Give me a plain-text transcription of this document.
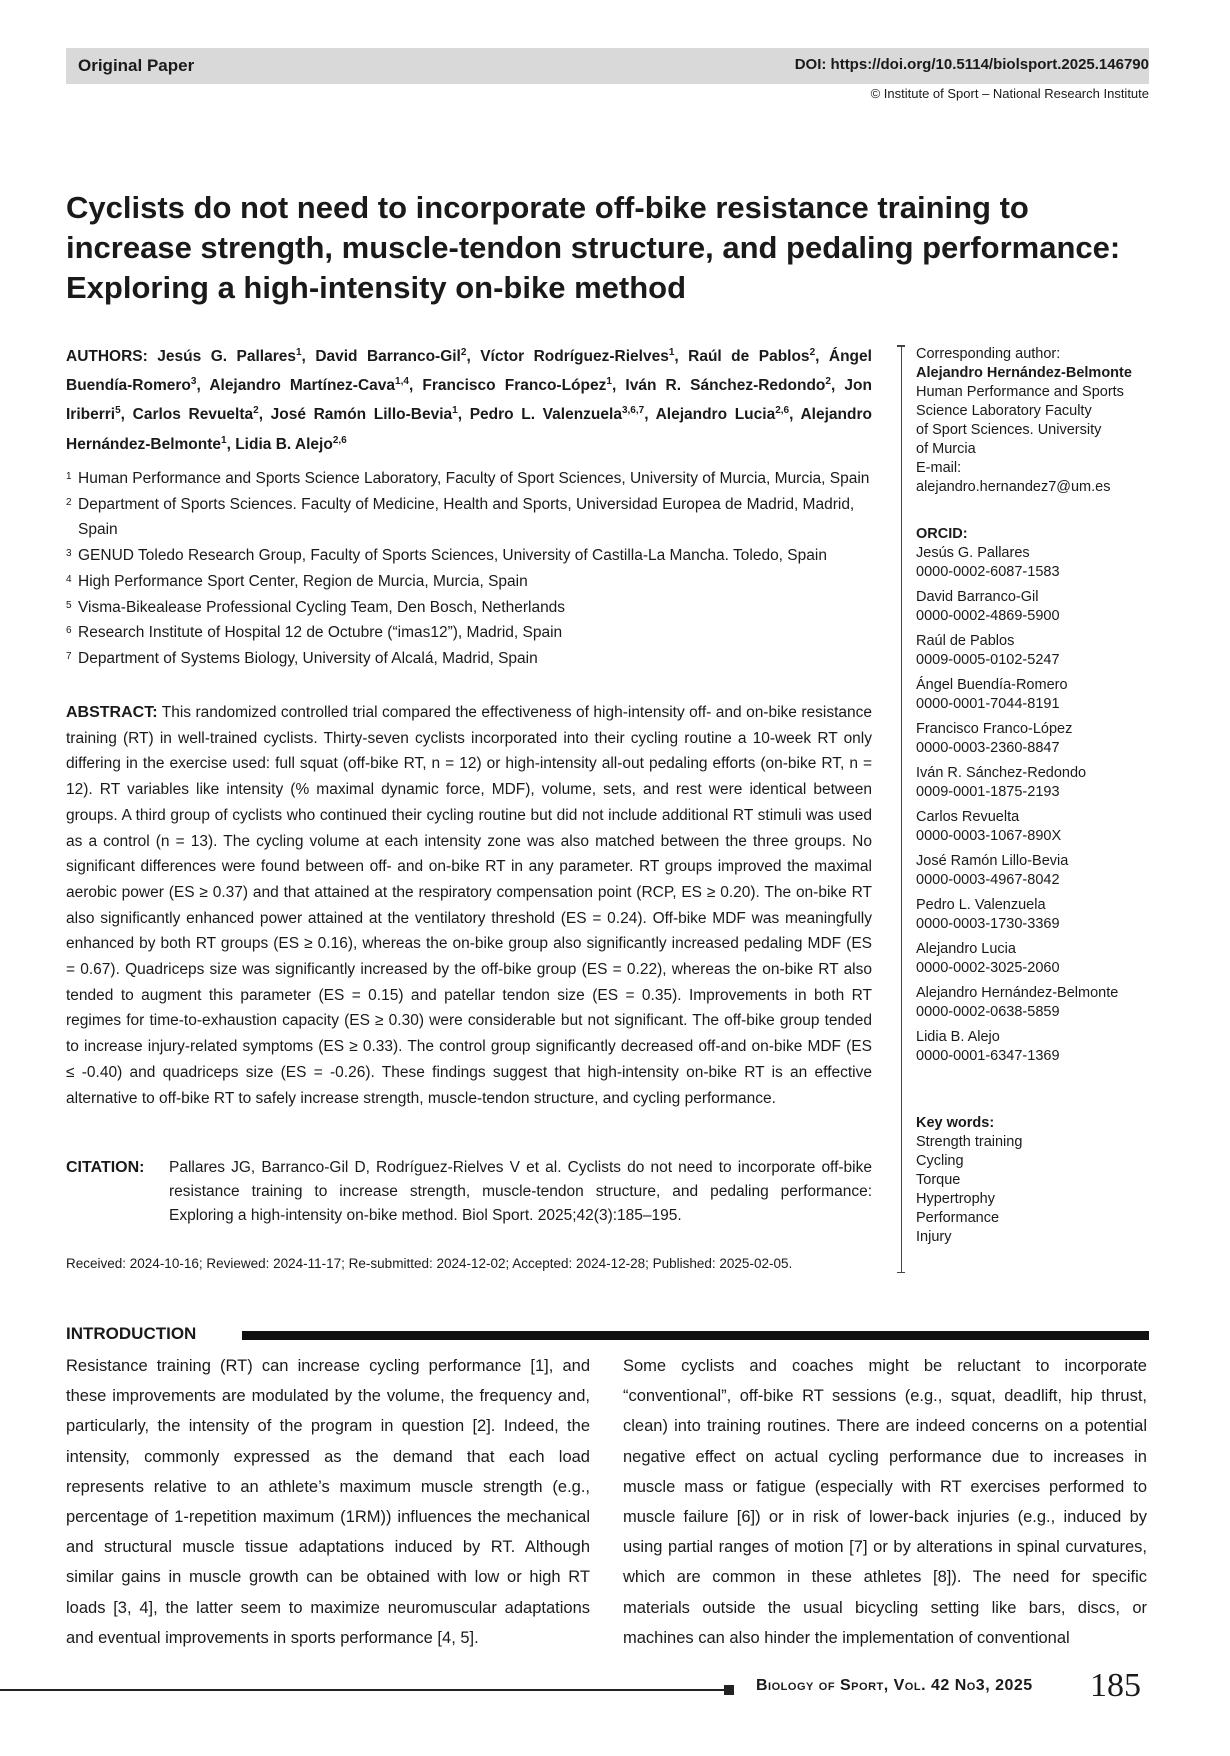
Original Paper	DOI: https://doi.org/10.5114/biolsport.2025.146790
© Institute of Sport – National Research Institute
Cyclists do not need to incorporate off-bike resistance training to increase strength, muscle-tendon structure, and pedaling performance: Exploring a high-intensity on-bike method

AUTHORS: Jesús G. Pallares$^1$, David Barranco-Gil$^2$, Víctor Rodríguez-Rielves$^1$, Raúl de Pablos$^2$, Ángel Buendía-Romero$^3$, Alejandro Martínez-Cava$^{1,4}$, Francisco Franco-López$^1$, Iván R. Sánchez-Redondo$^2$, Jon Iriberri$^5$, Carlos Revuelta$^2$, José Ramón Lillo-Bevia$^1$, Pedro L. Valenzuela$^{3,6,7}$, Alejandro Lucia$^{2,6}$, Alejandro Hernández-Belmonte$^1$, Lidia B. Alejo$^{2,6}$

1 Human Performance and Sports Science Laboratory, Faculty of Sport Sciences, University of Murcia, Murcia, Spain
2 Department of Sports Sciences. Faculty of Medicine, Health and Sports, Universidad Europea de Madrid, Madrid, Spain
3 GENUD Toledo Research Group, Faculty of Sports Sciences, University of Castilla-La Mancha. Toledo, Spain
4 High Performance Sport Center, Region de Murcia, Murcia, Spain
5 Visma-Bikealease Professional Cycling Team, Den Bosch, Netherlands
6 Research Institute of Hospital 12 de Octubre (“imas12”), Madrid, Spain
7 Department of Systems Biology, University of Alcalá, Madrid, Spain

ABSTRACT: This randomized controlled trial compared the effectiveness of high-intensity off- and on-bike resistance training (RT) in well-trained cyclists. Thirty-seven cyclists incorporated into their cycling routine a 10-week RT only differing in the exercise used: full squat (off-bike RT, n = 12) or high-intensity all-out pedaling efforts (on-bike RT, n = 12). RT variables like intensity (% maximal dynamic force, MDF), volume, sets, and rest were identical between groups. A third group of cyclists who continued their cycling routine but did not include additional RT stimuli was used as a control (n = 13). The cycling volume at each intensity zone was also matched between the three groups. No significant differences were found between off- and on-bike RT in any parameter. RT groups improved the maximal aerobic power (ES ≥ 0.37) and that attained at the respiratory compensation point (RCP, ES ≥ 0.20). The on-bike RT also significantly enhanced power attained at the ventilatory threshold (ES = 0.24). Off-bike MDF was meaningfully enhanced by both RT groups (ES ≥ 0.16), whereas the on-bike group also significantly increased pedaling MDF (ES = 0.67). Quadriceps size was significantly increased by the off-bike group (ES = 0.22), whereas the on-bike RT also tended to augment this parameter (ES = 0.15) and patellar tendon size (ES = 0.35). Improvements in both RT regimes for time-to-exhaustion capacity (ES ≥ 0.30) were considerable but not significant. The off-bike group tended to increase injury-related symptoms (ES ≥ 0.33). The control group significantly decreased off-and on-bike MDF (ES ≤ -0.40) and quadriceps size (ES = -0.26). These findings suggest that high-intensity on-bike RT is an effective alternative to off-bike RT to safely increase strength, muscle-tendon structure, and cycling performance.

CITATION:	Pallares JG, Barranco-Gil D, Rodríguez-Rielves V et al. Cyclists do not need to incorporate off-bike resistance training to increase strength, muscle-tendon structure, and pedaling performance: Exploring a high-intensity on-bike method. Biol Sport. 2025;42(3):185–195.
Received: 2024-10-16; Reviewed: 2024-11-17; Re-submitted: 2024-12-02; Accepted: 2024-12-28; Published: 2025-02-05.
Corresponding author:
Alejandro Hernández-Belmonte
Human Performance and Sports
Science Laboratory Faculty
of Sport Sciences. University
of Murcia
E-mail:
alejandro.hernandez7@um.es
ORCID:
Jesús G. Pallares
0000-0002-6087-1583
David Barranco-Gil
0000-0002-4869-5900
Raúl de Pablos
0009-0005-0102-5247
Ángel Buendía-Romero
0000-0001-7044-8191
Francisco Franco-López
0000-0003-2360-8847
Iván R. Sánchez-Redondo
0009-0001-1875-2193
Carlos Revuelta
0000-0003-1067-890X
José Ramón Lillo-Bevia
0000-0003-4967-8042
Pedro L. Valenzuela
0000-0003-1730-3369
Alejandro Lucia
0000-0002-3025-2060
Alejandro Hernández-Belmonte
0000-0002-0638-5859
Lidia B. Alejo
0000-0001-6347-1369
Key words:
Strength training
Cycling
Torque
Hypertrophy
Performance
Injury
INTRODUCTION

Resistance training (RT) can increase cycling performance [1], and these improvements are modulated by the volume, the frequency and, particularly, the intensity of the program in question [2]. Indeed, the intensity, commonly expressed as the demand that each load represents relative to an athlete’s maximum muscle strength (e.g., percentage of 1-repetition maximum (1RM)) influences the mechanical and structural muscle tissue adaptations induced by RT. Although similar gains in muscle growth can be obtained with low or high RT loads [3, 4], the latter seem to maximize neuromuscular adaptations and eventual improvements in sports performance [4, 5].

Some cyclists and coaches might be reluctant to incorporate “conventional”, off-bike RT sessions (e.g., squat, deadlift, hip thrust, clean) into training routines. There are indeed concerns on a potential negative effect on actual cycling performance due to increases in muscle mass or fatigue (especially with RT exercises performed to muscle failure [6]) or in risk of lower-back injuries (e.g., induced by using partial ranges of motion [7] or by alterations in spinal curvatures, which are common in these athletes [8]). The need for specific materials outside the usual bicycling setting like bars, discs, or machines can also hinder the implementation of conventional

Biology of Sport, Vol. 42 No3, 2025 185
